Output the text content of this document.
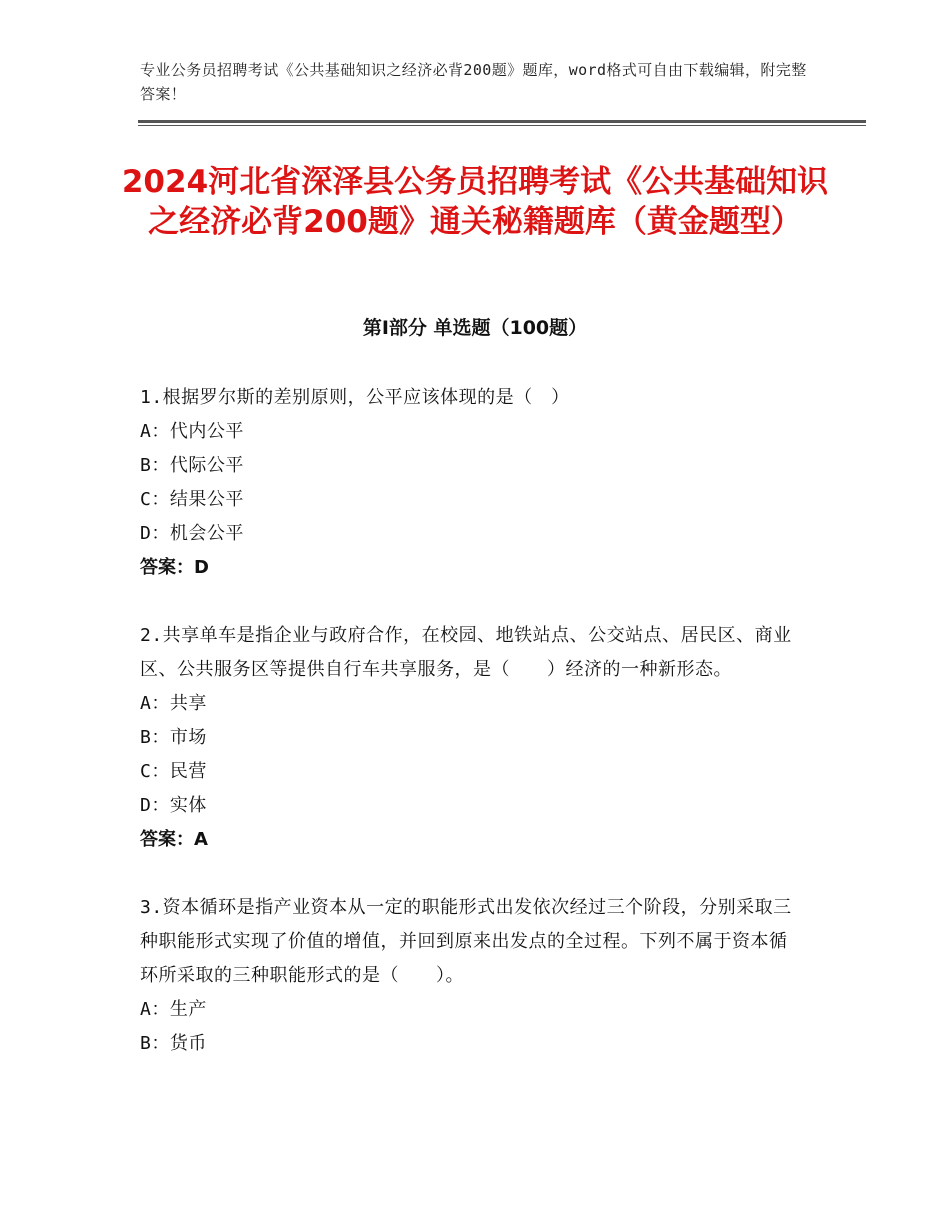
专业公务员招聘考试《公共基础知识之经济必背200题》题库，word格式可自由下载编辑，附完整答案！
2024河北省深泽县公务员招聘考试《公共基础知识之经济必背200题》通关秘籍题库（黄金题型）
第I部分 单选题（100题）
1.根据罗尔斯的差别原则，公平应该体现的是（　）
A：代内公平
B：代际公平
C：结果公平
D：机会公平
答案：D
2.共享单车是指企业与政府合作，在校园、地铁站点、公交站点、居民区、商业区、公共服务区等提供自行车共享服务，是（　　）经济的一种新形态。
A：共享
B：市场
C：民营
D：实体
答案：A
3.资本循环是指产业资本从一定的职能形式出发依次经过三个阶段，分别采取三种职能形式实现了价值的增值，并回到原来出发点的全过程。下列不属于资本循环所采取的三种职能形式的是（　　）。
A：生产
B：货币
